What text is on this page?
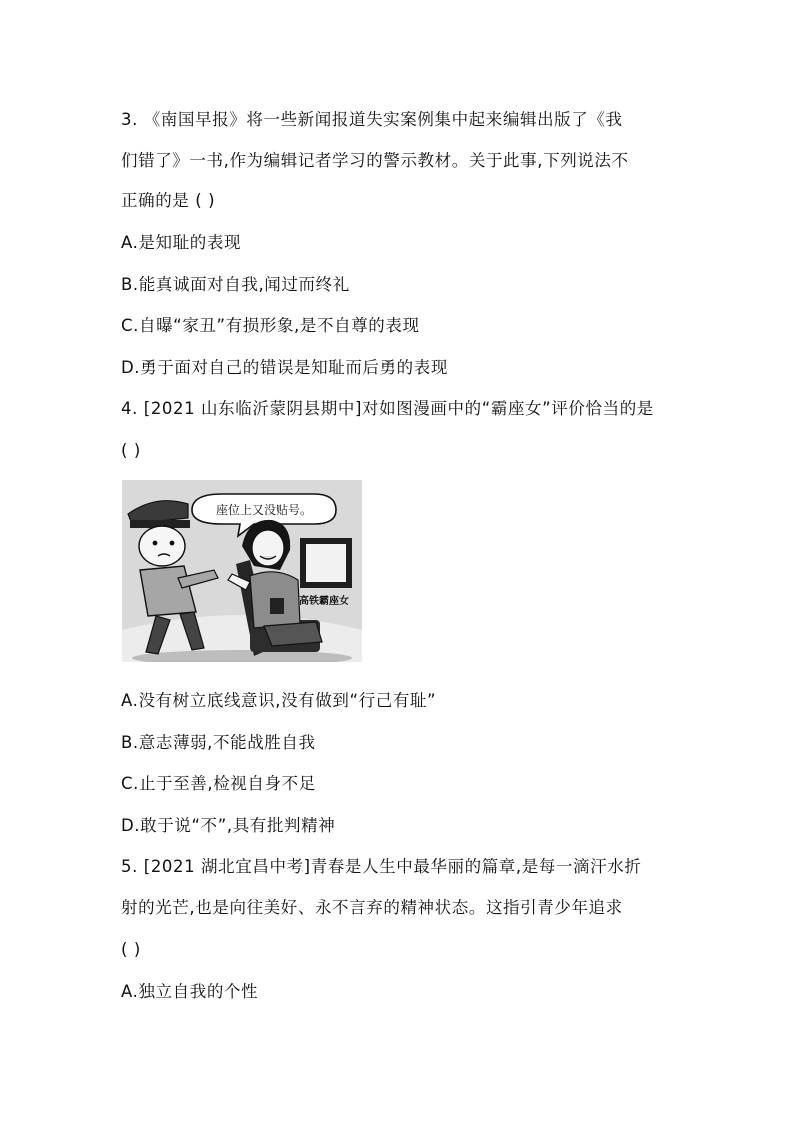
3. 《南国早报》将一些新闻报道失实案例集中起来编辑出版了《我
们错了》一书,作为编辑记者学习的警示教材。关于此事,下列说法不
正确的是 ( )
A.是知耻的表现
B.能真诚面对自我,闻过而终礼
C.自曝“家丑”有损形象,是不自尊的表现
D.勇于面对自己的错误是知耻而后勇的表现
4. [2021 山东临沂蒙阴县期中]对如图漫画中的“霸座女”评价恰当的是
( )
座位上又没贴号。
高铁霸座女
A.没有树立底线意识,没有做到“行己有耻”
B.意志薄弱,不能战胜自我
C.止于至善,检视自身不足
D.敢于说“不”,具有批判精神
5. [2021 湖北宜昌中考]青春是人生中最华丽的篇章,是每一滴汗水折
射的光芒,也是向往美好、永不言弃的精神状态。这指引青少年追求
( )
A.独立自我的个性
